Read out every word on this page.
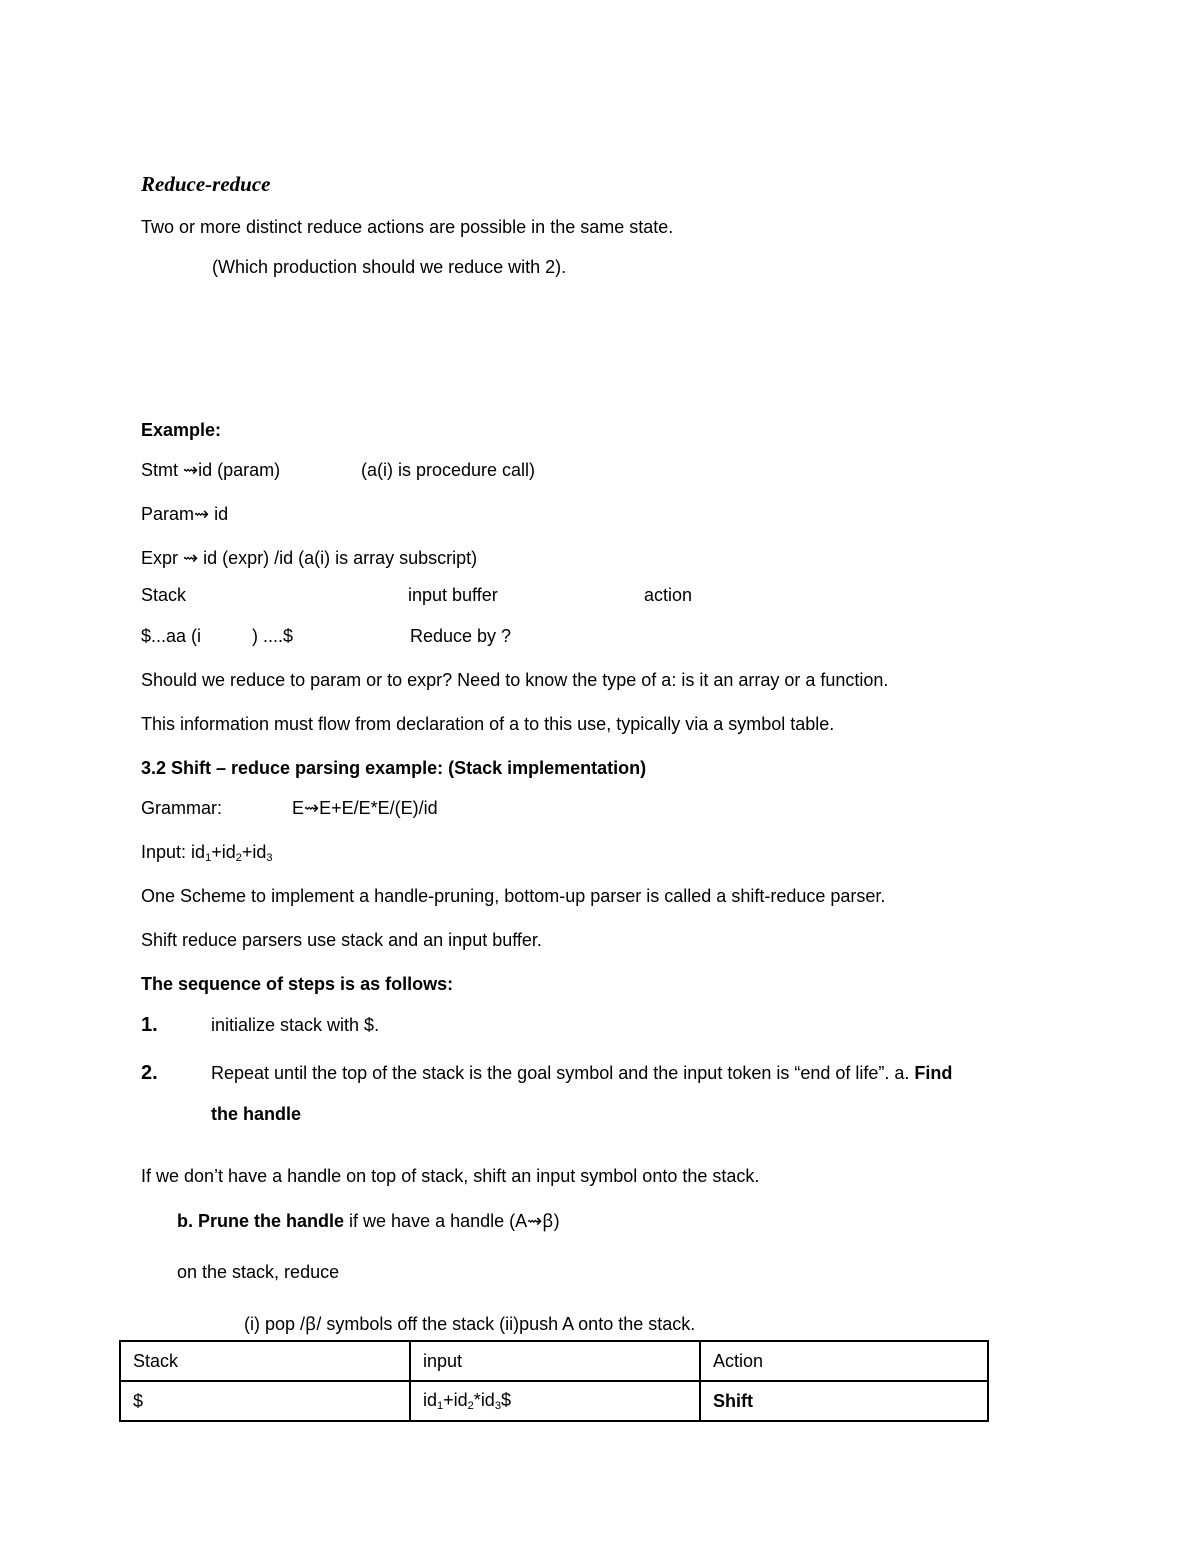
Reduce-reduce
Two or more distinct reduce actions are possible in the same state.
(Which production should we reduce with 2).
Example:
Stmt ⇝id (param)	(a(i) is procedure call)
Param⇝ id
Expr ⇝ id (expr) /id (a(i) is array subscript)
Stack	input buffer	action
$...aa (i	) ....$	Reduce by ?
Should we reduce to param or to expr? Need to know the type of a: is it an array or a function.
This information must flow from declaration of a to this use, typically via a symbol table.
3.2 Shift – reduce parsing example: (Stack implementation)
Grammar:	E⇝E+E/E*E/(E)/id
Input: $id_1+id_2+id_3$
One Scheme to implement a handle-pruning, bottom-up parser is called a shift-reduce parser.
Shift reduce parsers use stack and an input buffer.
The sequence of steps is as follows:
1.	initialize stack with $.
2.	Repeat until the top of the stack is the goal symbol and the input token is “end of life”. a. Find
the handle
If we don’t have a handle on top of stack, shift an input symbol onto the stack.
b. Prune the handle if we have a handle (A⇝ꞵ)
on the stack, reduce
(i) pop /ꞵ/ symbols off the stack (ii)push A onto the stack.
Stack	input	Action
$	$id_1+id_2*id_3\$$	Shift
